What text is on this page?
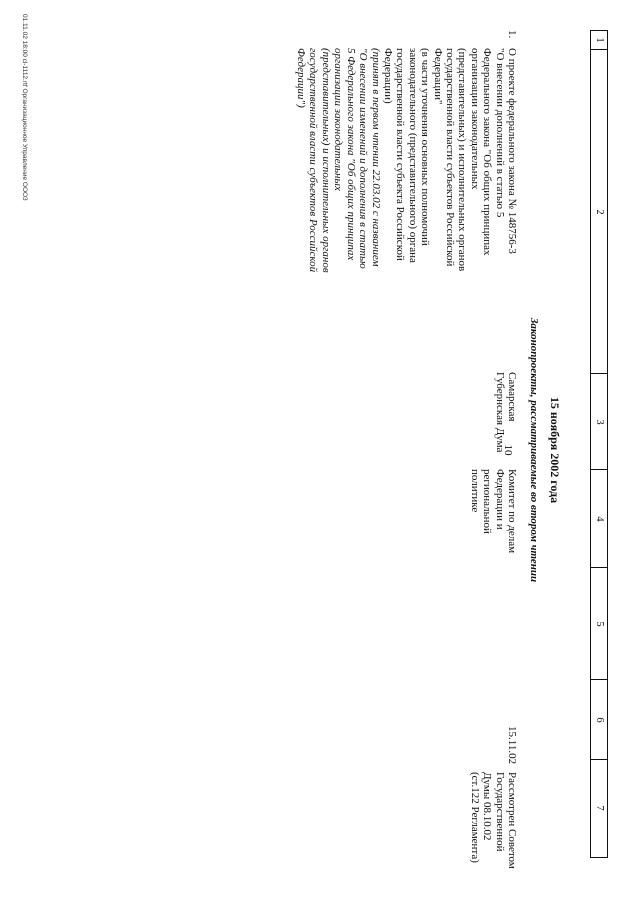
1
2
3
4
5
6
7
15 ноября 2002 года
Законопроекты, рассматриваемые во втором чтении
1.
О проекте федерального закона № 148756-3
"О внесении дополнений в статью 5
Федерального закона "Об общих принципах
организации законодательных
(представительных) и исполнительных органов
государственной власти субъектов Российской
Федерации"
(в части уточнения основных полномочий
законодательного (представительного) органа
государственной власти субъекта Российской
Федерации)
(принят в первом чтении 22.03.02 с названием
"О внесении изменений и дополнения в статью
5 Федерального закона "Об общих принципах
организации законодательных
(представительных) и исполнительных органов
государственной власти субъектов Российской
Федерации")
Самарская
Губернская Дума
Комитет по делам
Федерации и
региональной
политике
15.11.02
Рассмотрен Советом
Государственной
Думы 08.10.02
(ст.122 Регламента)
10
01.11.02 18:00 cl-1112.rtf Организационное Управление ООО3
